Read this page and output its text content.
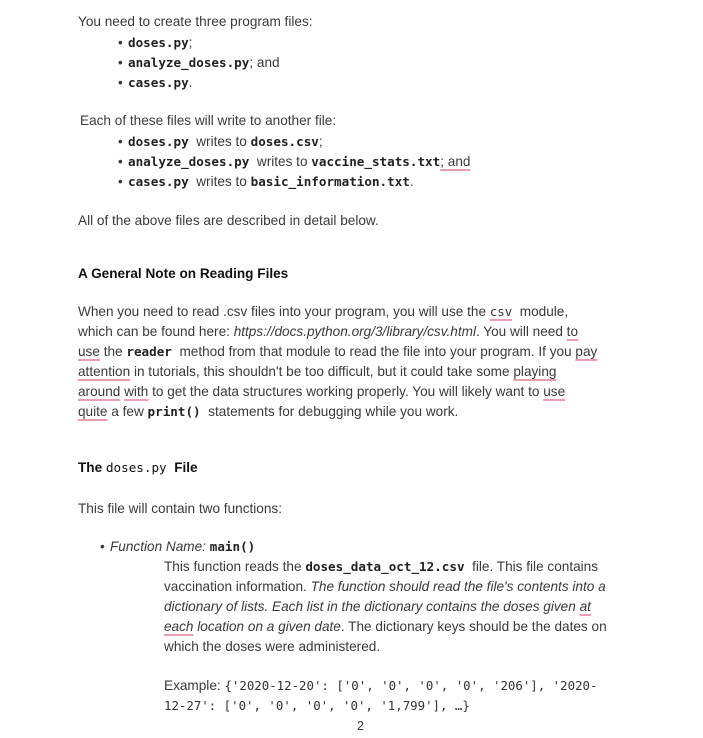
You need to create three program files:
• doses.py;
• analyze_doses.py; and
• cases.py.
Each of these files will write to another file:
• doses.py writes to doses.csv;
• analyze_doses.py writes to vaccine_stats.txt; and
• cases.py writes to basic_information.txt.
All of the above files are described in detail below.
A General Note on Reading Files
When you need to read .csv files into your program, you will use the csv module,
which can be found here: https://docs.python.org/3/library/csv.html. You will need to
use the reader method from that module to read the file into your program. If you pay
attention in tutorials, this shouldn't be too difficult, but it could take some playing
around with to get the data structures working properly. You will likely want to use
quite a few print() statements for debugging while you work.
The doses.py File
This file will contain two functions:
• Function Name: main()
This function reads the doses_data_oct_12.csv file. This file contains
vaccination information. The function should read the file's contents into a
dictionary of lists. Each list in the dictionary contains the doses given at
each location on a given date. The dictionary keys should be the dates on
which the doses were administered.
Example: {'2020-12-20': ['0', '0', '0', '0', '206'], '2020-
12-27': ['0', '0', '0', '0', '1,799'], …}
2
